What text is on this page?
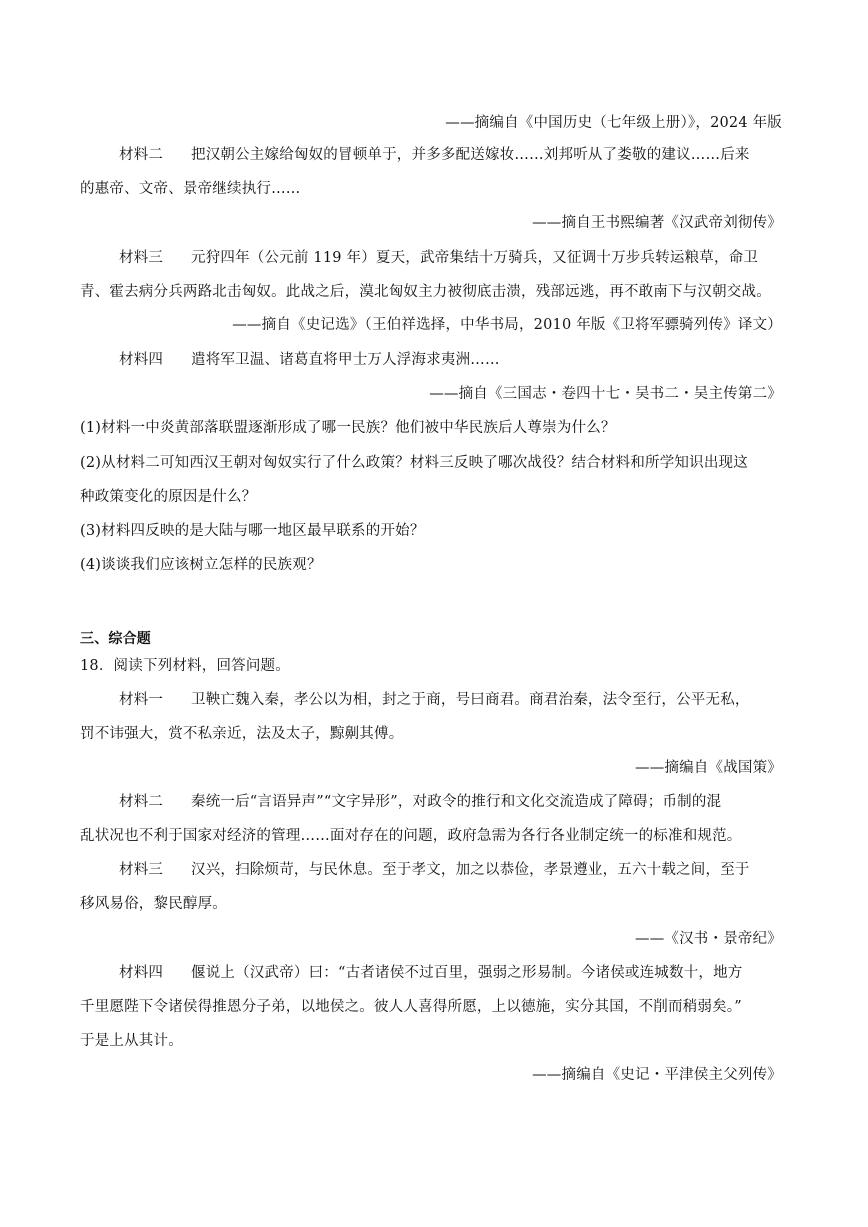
——摘编自《中国历史（七年级上册）》，2024 年版
材料二 把汉朝公主嫁给匈奴的冒顿单于，并多多配送嫁妆……刘邦听从了娄敬的建议……后来
的惠帝、文帝、景帝继续执行……
——摘自王书熙编著《汉武帝刘彻传》
材料三 元狩四年（公元前 119 年）夏天，武帝集结十万骑兵，又征调十万步兵转运粮草，命卫
青、霍去病分兵两路北击匈奴。此战之后，漠北匈奴主力被彻底击溃，残部远逃，再不敢南下与汉朝交战。
——摘自《史记选》（王伯祥选择，中华书局，2010 年版《卫将军骠骑列传》译文）
材料四 遣将军卫温、诸葛直将甲士万人浮海求夷洲……
——摘自《三国志・卷四十七・吴书二・吴主传第二》
(1)材料一中炎黄部落联盟逐渐形成了哪一民族？他们被中华民族后人尊崇为什么？
(2)从材料二可知西汉王朝对匈奴实行了什么政策？材料三反映了哪次战役？结合材料和所学知识出现这
种政策变化的原因是什么？
(3)材料四反映的是大陆与哪一地区最早联系的开始？
(4)谈谈我们应该树立怎样的民族观？
三、综合题
18．阅读下列材料，回答问题。
材料一 卫鞅亡魏入秦，孝公以为相，封之于商，号曰商君。商君治秦，法令至行，公平无私，
罚不讳强大，赏不私亲近，法及太子，黥劓其傅。
——摘编自《战国策》
材料二 秦统一后“言语异声”“文字异形”，对政令的推行和文化交流造成了障碍；币制的混
乱状况也不利于国家对经济的管理……面对存在的问题，政府急需为各行各业制定统一的标准和规范。
材料三 汉兴，扫除烦苛，与民休息。至于孝文，加之以恭俭，孝景遵业，五六十载之间，至于
移风易俗，黎民醇厚。
——《汉书・景帝纪》
材料四 偃说上（汉武帝）曰：“古者诸侯不过百里，强弱之形易制。今诸侯或连城数十，地方
千里愿陛下令诸侯得推恩分子弟，以地侯之。彼人人喜得所愿，上以德施，实分其国，不削而稍弱矣。”
于是上从其计。
——摘编自《史记・平津侯主父列传》
